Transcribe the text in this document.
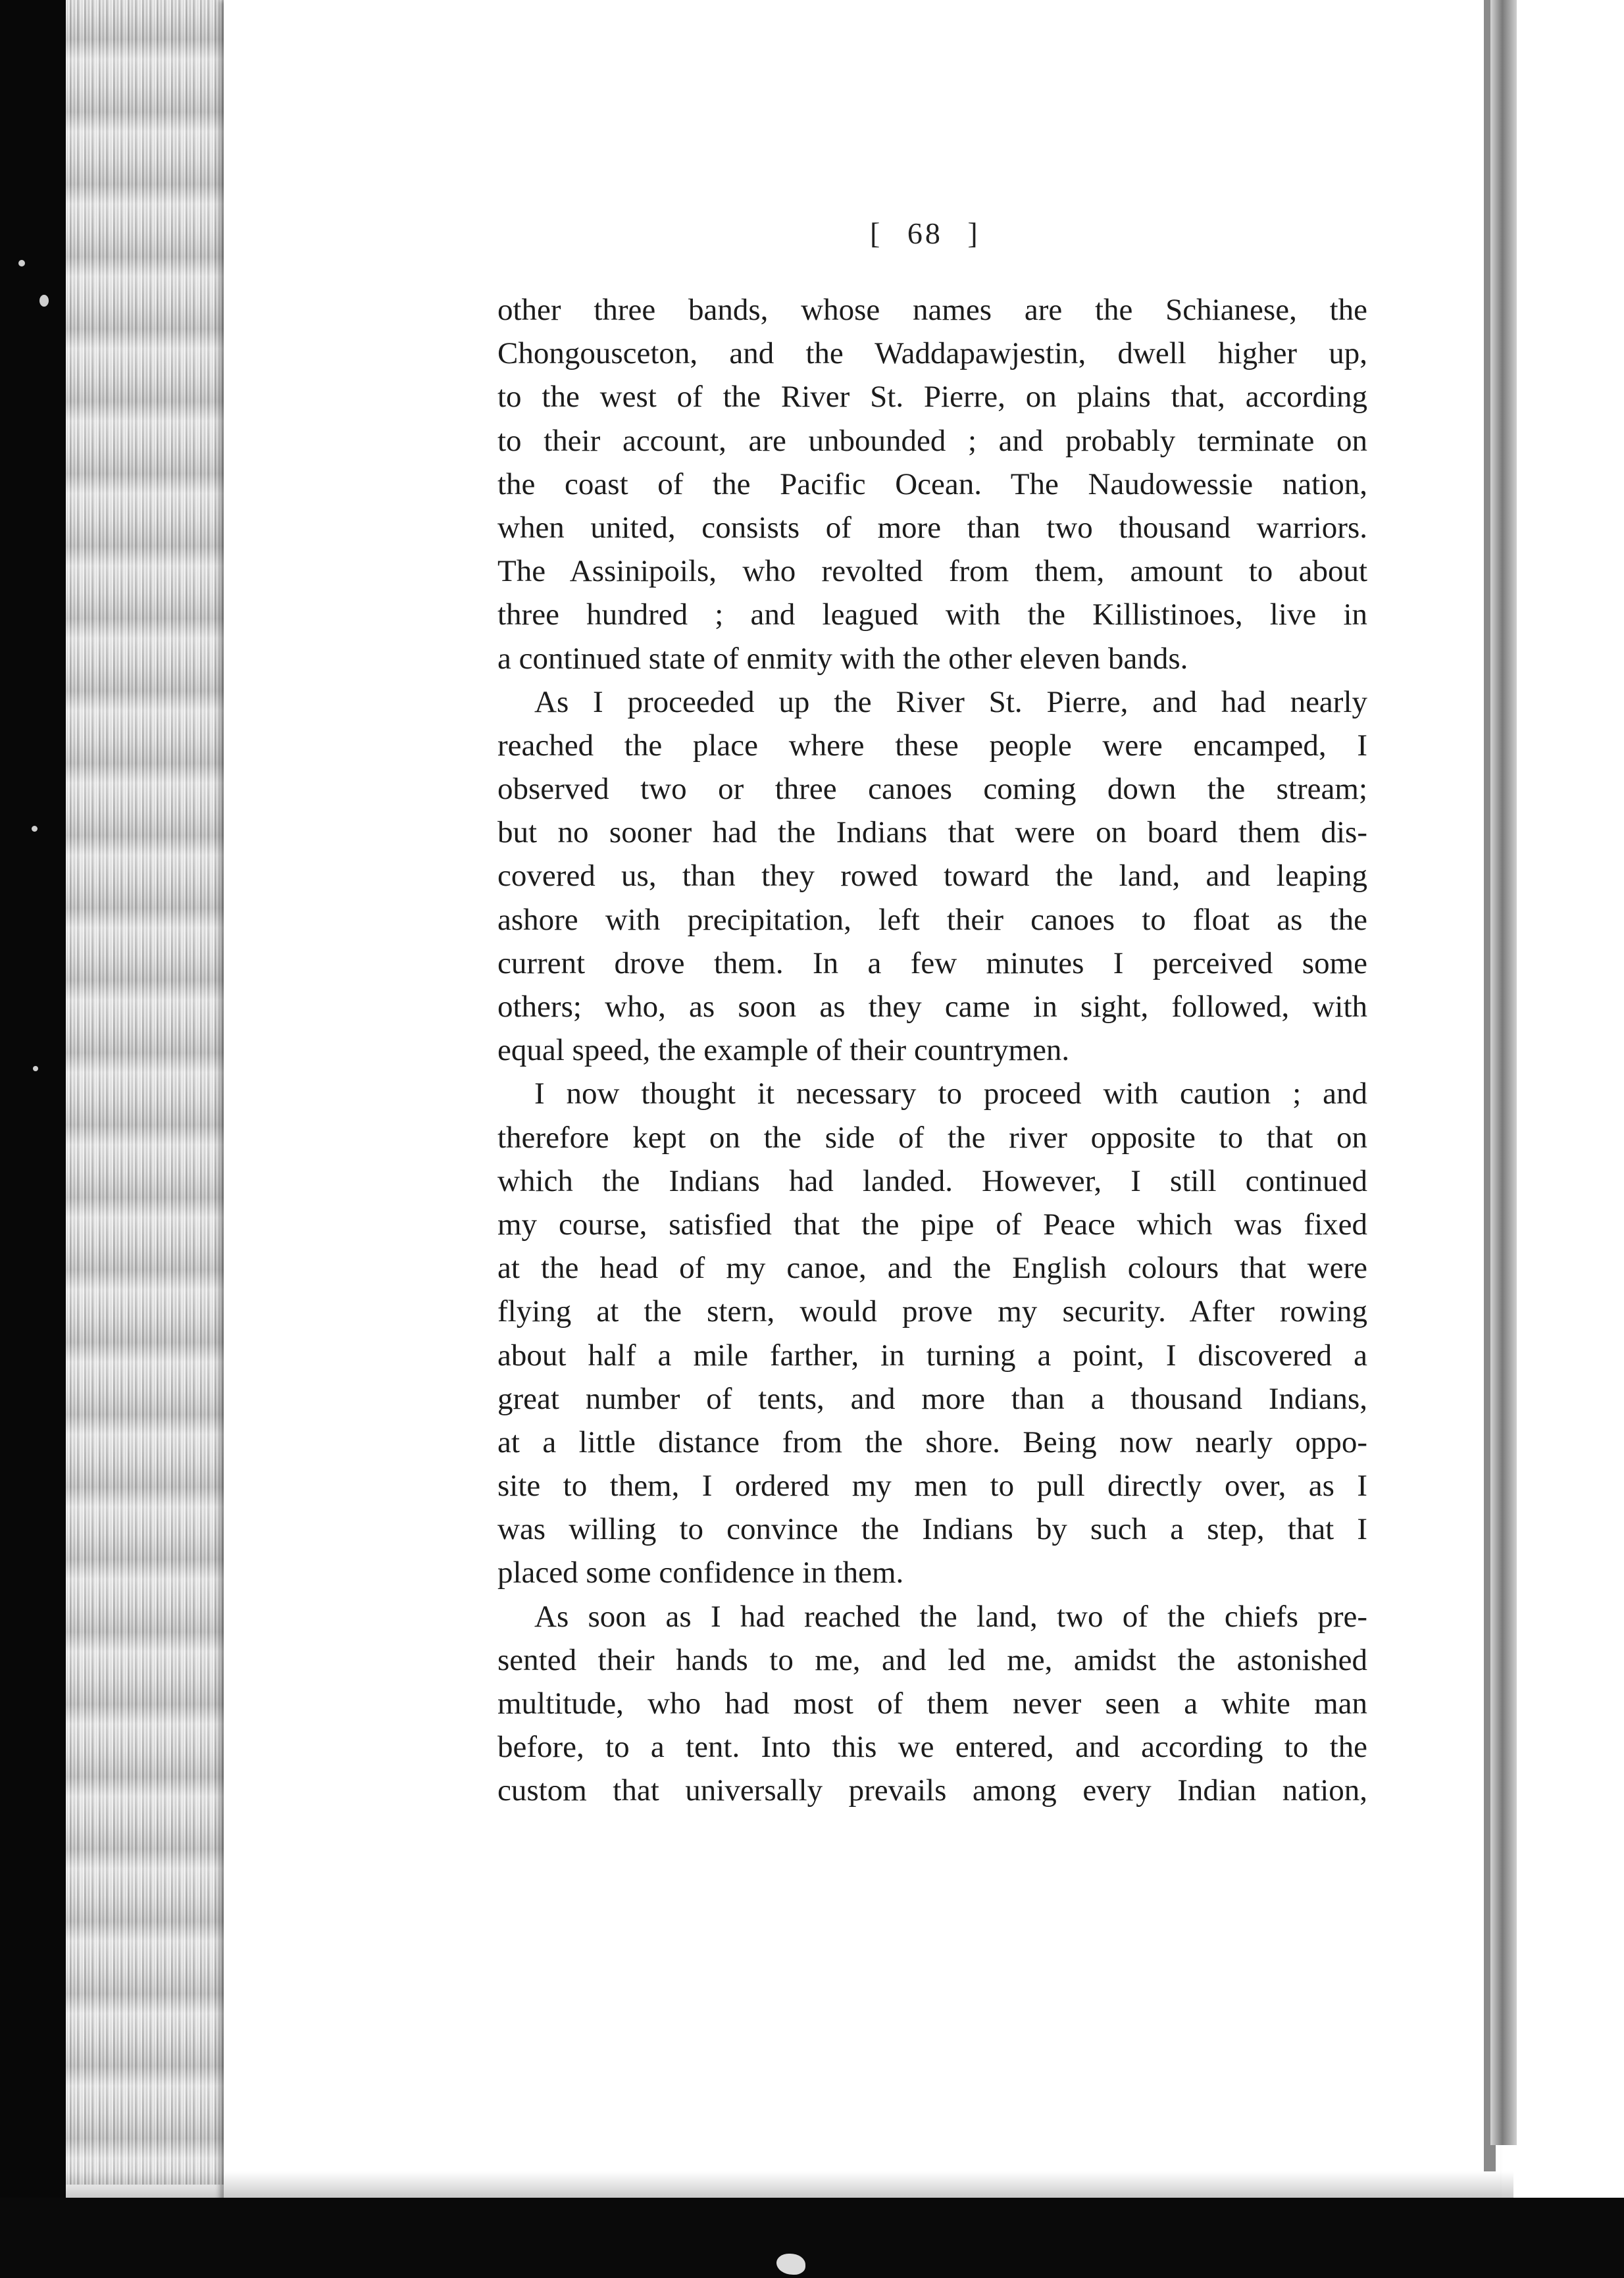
[ 68 ]
other three bands, whose names are the Schianese, the
Chongousceton, and the Waddapawjestin, dwell higher up,
to the west of the River St. Pierre, on plains that, according
to their account, are unbounded ; and probably terminate on
the coast of the Pacific Ocean. The Naudowessie nation,
when united, consists of more than two thousand warriors.
The Assinipoils, who revolted from them, amount to about
three hundred ; and leagued with the Killistinoes, live in
a continued state of enmity with the other eleven bands.
As I proceeded up the River St. Pierre, and had nearly
reached the place where these people were encamped, I
observed two or three canoes coming down the stream;
but no sooner had the Indians that were on board them dis-
covered us, than they rowed toward the land, and leaping
ashore with precipitation, left their canoes to float as the
current drove them. In a few minutes I perceived some
others; who, as soon as they came in sight, followed, with
equal speed, the example of their countrymen.
I now thought it necessary to proceed with caution ; and
therefore kept on the side of the river opposite to that on
which the Indians had landed. However, I still continued
my course, satisfied that the pipe of Peace which was fixed
at the head of my canoe, and the English colours that were
flying at the stern, would prove my security. After rowing
about half a mile farther, in turning a point, I discovered a
great number of tents, and more than a thousand Indians,
at a little distance from the shore. Being now nearly oppo-
site to them, I ordered my men to pull directly over, as I
was willing to convince the Indians by such a step, that I
placed some confidence in them.
As soon as I had reached the land, two of the chiefs pre-
sented their hands to me, and led me, amidst the astonished
multitude, who had most of them never seen a white man
before, to a tent. Into this we entered, and according to the
custom that universally prevails among every Indian nation,
